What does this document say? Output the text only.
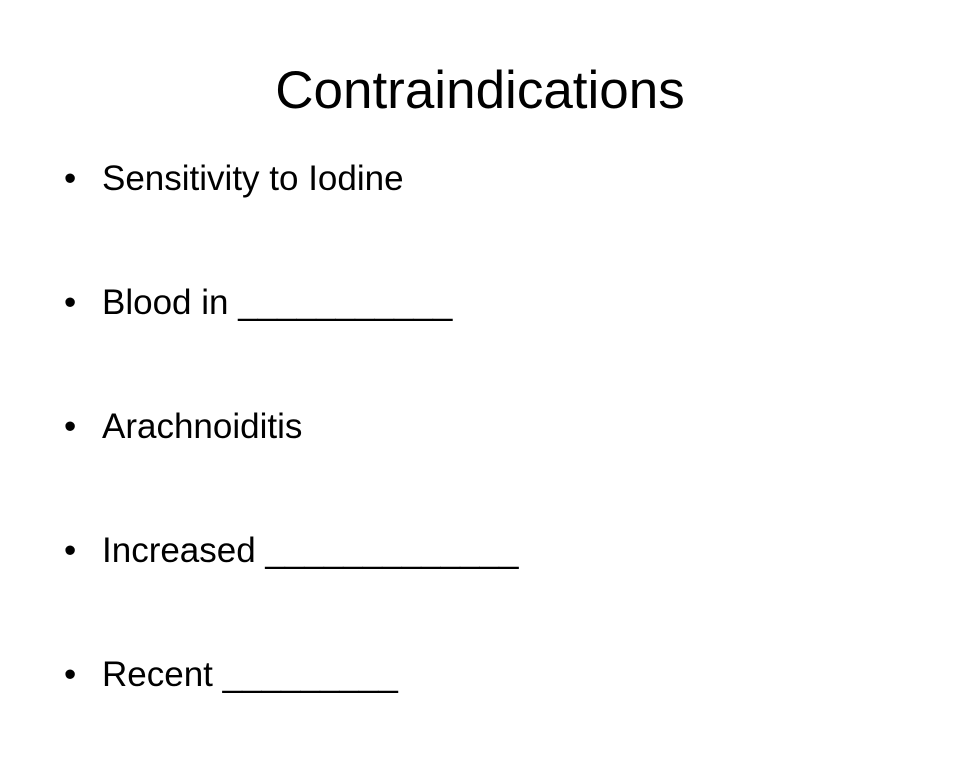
Contraindications
• Sensitivity to Iodine
• Blood in ___________
• Arachnoiditis
• Increased _____________
• Recent _________
